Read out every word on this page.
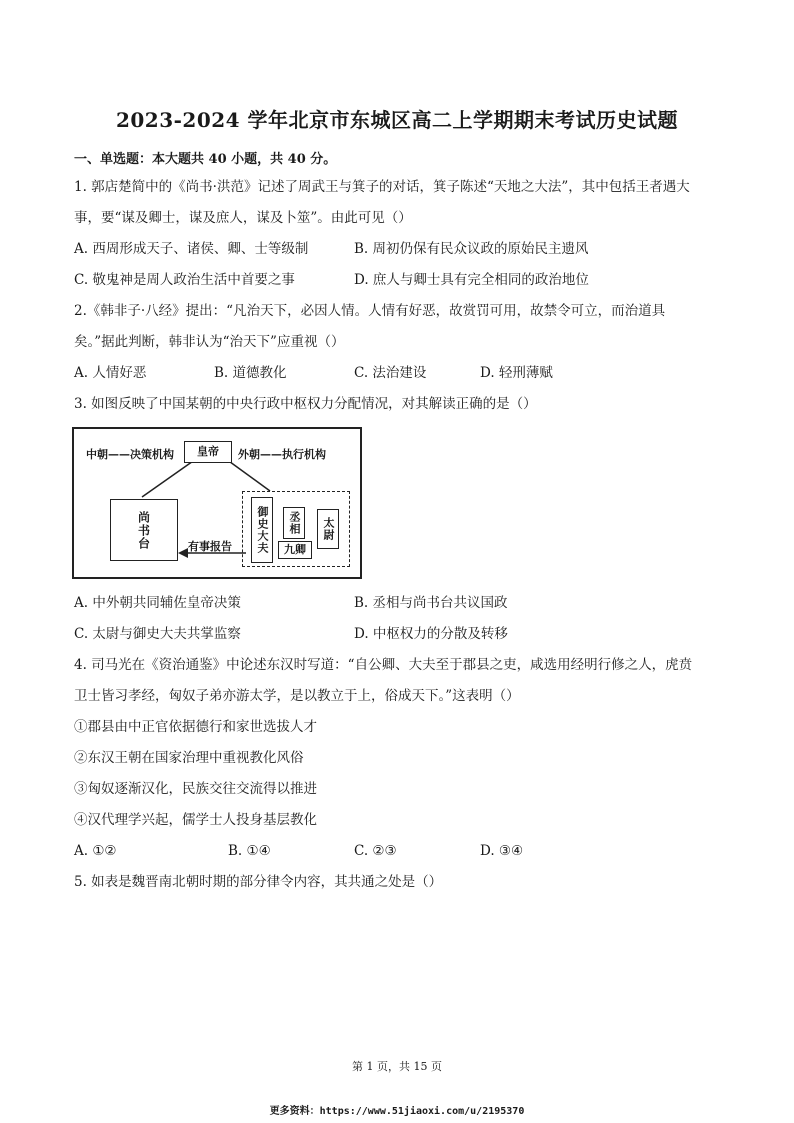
2023-2024 学年北京市东城区高二上学期期末考试历史试题
一、单选题：本大题共 40 小题，共 40 分。
1. 郭店楚简中的《尚书·洪范》记述了周武王与箕子的对话，箕子陈述“天地之大法”，其中包括王者遇大
事，要“谋及卿士，谋及庶人，谋及卜筮”。由此可见（）
A. 西周形成天子、诸侯、卿、士等级制	B. 周初仍保有民众议政的原始民主遗风
C. 敬鬼神是周人政治生活中首要之事	D. 庶人与卿士具有完全相同的政治地位
2.《韩非子·八经》提出：“凡治天下，必因人情。人情有好恶，故赏罚可用，故禁令可立，而治道具
矣。”据此判断，韩非认为“治天下”应重视（）
A. 人情好恶	B. 道德教化	C. 法治建设	D. 轻刑薄赋
3. 如图反映了中国某朝的中央行政中枢权力分配情况，对其解读正确的是（）
中朝——决策机构	皇帝	外朝——执行机构
尚书台	有事报告	御史大夫	丞相
九卿
太尉
A. 中外朝共同辅佐皇帝决策	B. 丞相与尚书台共议国政
C. 太尉与御史大夫共掌监察	D. 中枢权力的分散及转移
4. 司马光在《资治通鉴》中论述东汉时写道：“自公卿、大夫至于郡县之吏，咸选用经明行修之人，虎贲
卫士皆习孝经，匈奴子弟亦游太学，是以教立于上，俗成天下。”这表明（）
①郡县由中正官依据德行和家世选拔人才
②东汉王朝在国家治理中重视教化风俗
③匈奴逐渐汉化，民族交往交流得以推进
④汉代理学兴起，儒学士人投身基层教化
A. ①②	B. ①④	C. ②③	D. ③④
5. 如表是魏晋南北朝时期的部分律令内容，其共通之处是（）
第 1 页，共 15 页
更多资料：https://www.51jiaoxi.com/u/2195370
